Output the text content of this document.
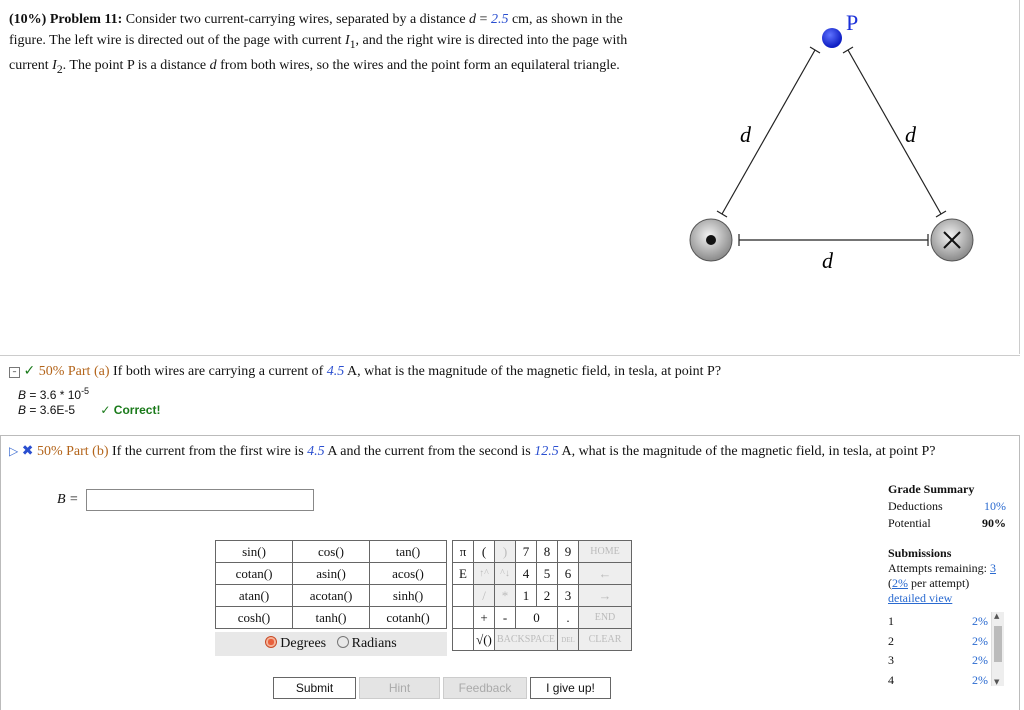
(10%) Problem 11: Consider two current-carrying wires, separated by a distance d = 2.5 cm, as shown in the figure. The left wire is directed out of the page with current $I_1$, and the right wire is directed into the page with current $I_2$. The point P is a distance d from both wires, so the wires and the point form an equilateral triangle.
P
d	d
d
– ✓ 50% Part (a) If both wires are carrying a current of 4.5 A, what is the magnitude of the magnetic field, in tesla, at point P?
$B = 3.6 * 10^{-5}$
B = 3.6E-5 ✓ Correct!
▷ ✖ 50% Part (b) If the current from the first wire is 4.5 A and the current from the second is 12.5 A, what is the magnitude of the magnetic field, in tesla, at point P?
B =
sin()	cos()	tan()
cotan()	asin()	acos()
atan()	acotan()	sinh()
cosh()	tanh()	cotanh()
Degrees Radians
π	(	)	7	8	9	HOME
E	↑^	^↓	4	5	6	←
	/	*	1	2	3	→
	+	-	0		.	END
	√()	BACKSPACE			DEL	CLEAR
Submit	Hint	Feedback	I give up!
Grade Summary
Deductions	10%
Potential	90%
Submissions
Attempts remaining: 3
(2% per attempt)
detailed view
1	2%
2	2%
3	2%
4	2%
▲
▼
